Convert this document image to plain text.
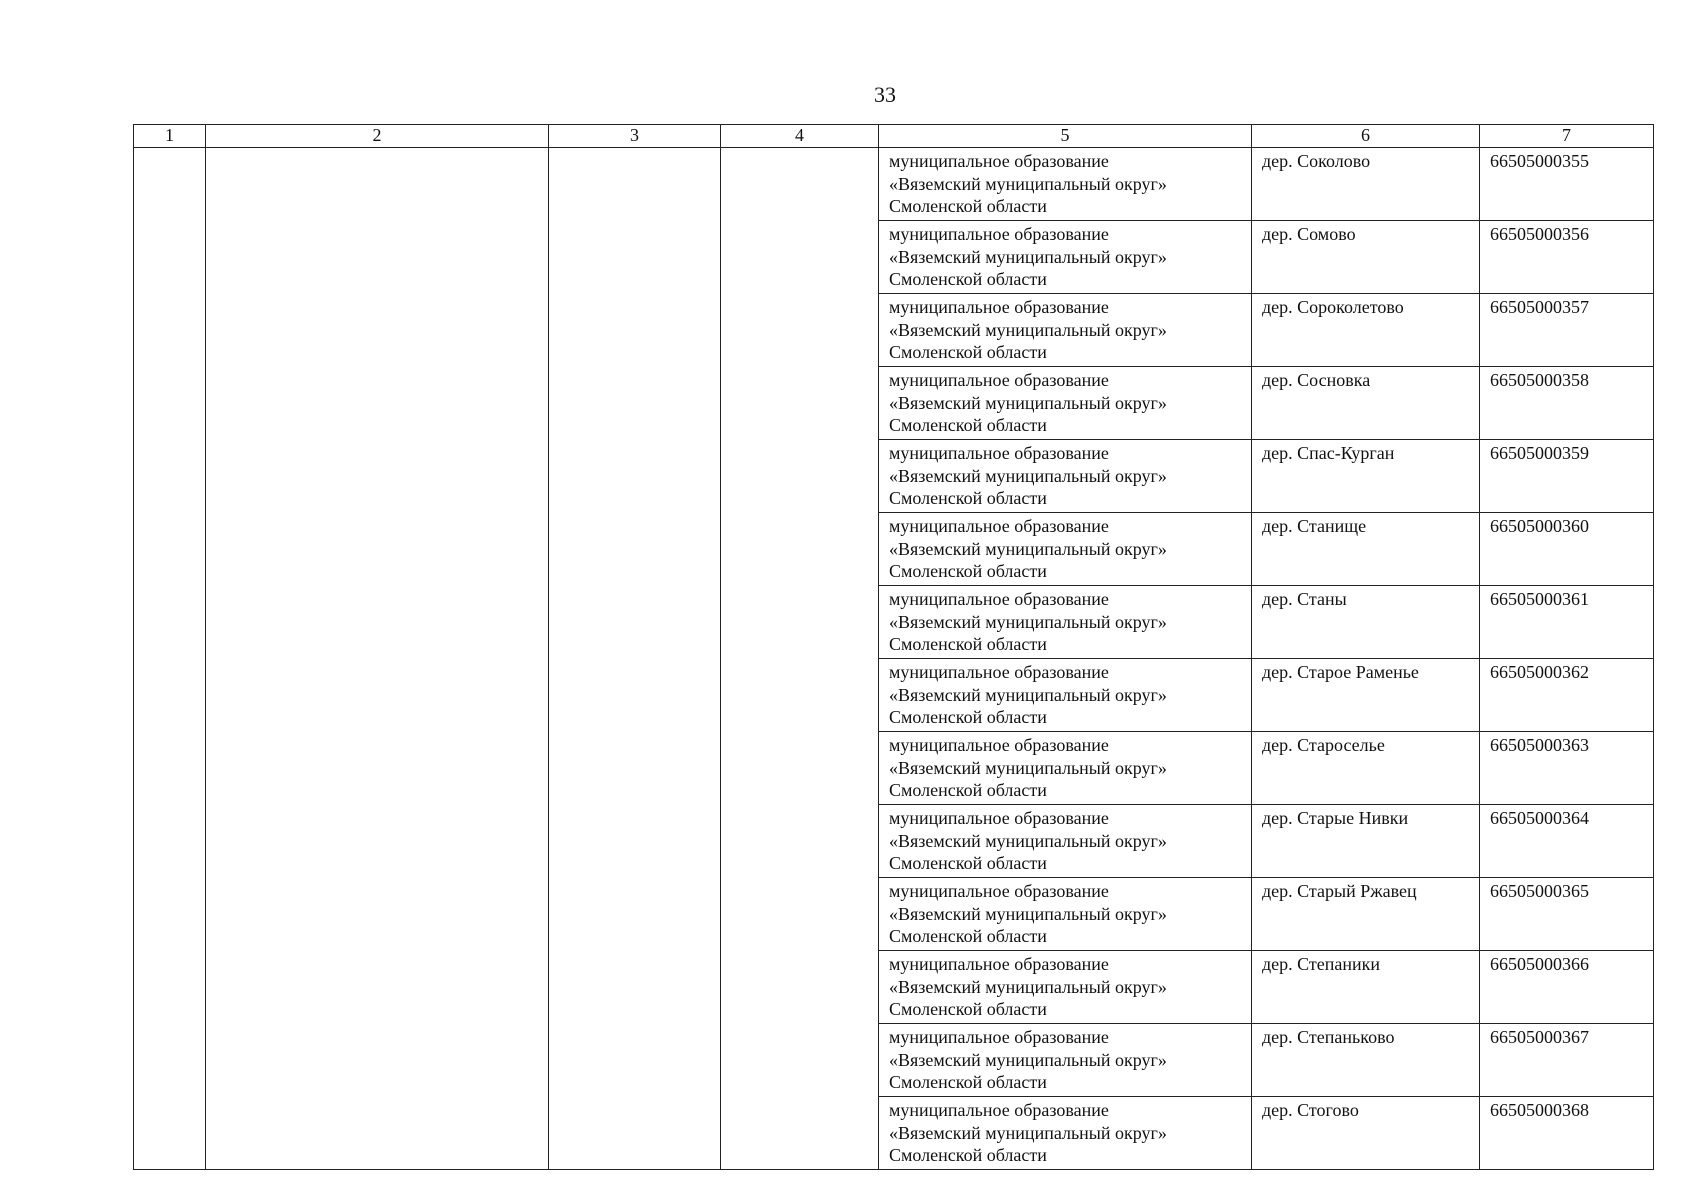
33
1	2	3	4	5	6	7

				муниципальное образование
«Вяземский муниципальный округ»
Смоленской области	дер. Соколово	66505000355

				муниципальное образование
«Вяземский муниципальный округ»
Смоленской области	дер. Сомово	66505000356

				муниципальное образование
«Вяземский муниципальный округ»
Смоленской области	дер. Сороколетово	66505000357

				муниципальное образование
«Вяземский муниципальный округ»
Смоленской области	дер. Сосновка	66505000358

				муниципальное образование
«Вяземский муниципальный округ»
Смоленской области	дер. Спас-Курган	66505000359

				муниципальное образование
«Вяземский муниципальный округ»
Смоленской области	дер. Станище	66505000360

				муниципальное образование
«Вяземский муниципальный округ»
Смоленской области	дер. Станы	66505000361

				муниципальное образование
«Вяземский муниципальный округ»
Смоленской области	дер. Старое Раменье	66505000362

				муниципальное образование
«Вяземский муниципальный округ»
Смоленской области	дер. Староселье	66505000363

				муниципальное образование
«Вяземский муниципальный округ»
Смоленской области	дер. Старые Нивки	66505000364

				муниципальное образование
«Вяземский муниципальный округ»
Смоленской области	дер. Старый Ржавец	66505000365

				муниципальное образование
«Вяземский муниципальный округ»
Смоленской области	дер. Степаники	66505000366

				муниципальное образование
«Вяземский муниципальный округ»
Смоленской области	дер. Степаньково	66505000367

				муниципальное образование
«Вяземский муниципальный округ»
Смоленской области	дер. Стогово	66505000368
